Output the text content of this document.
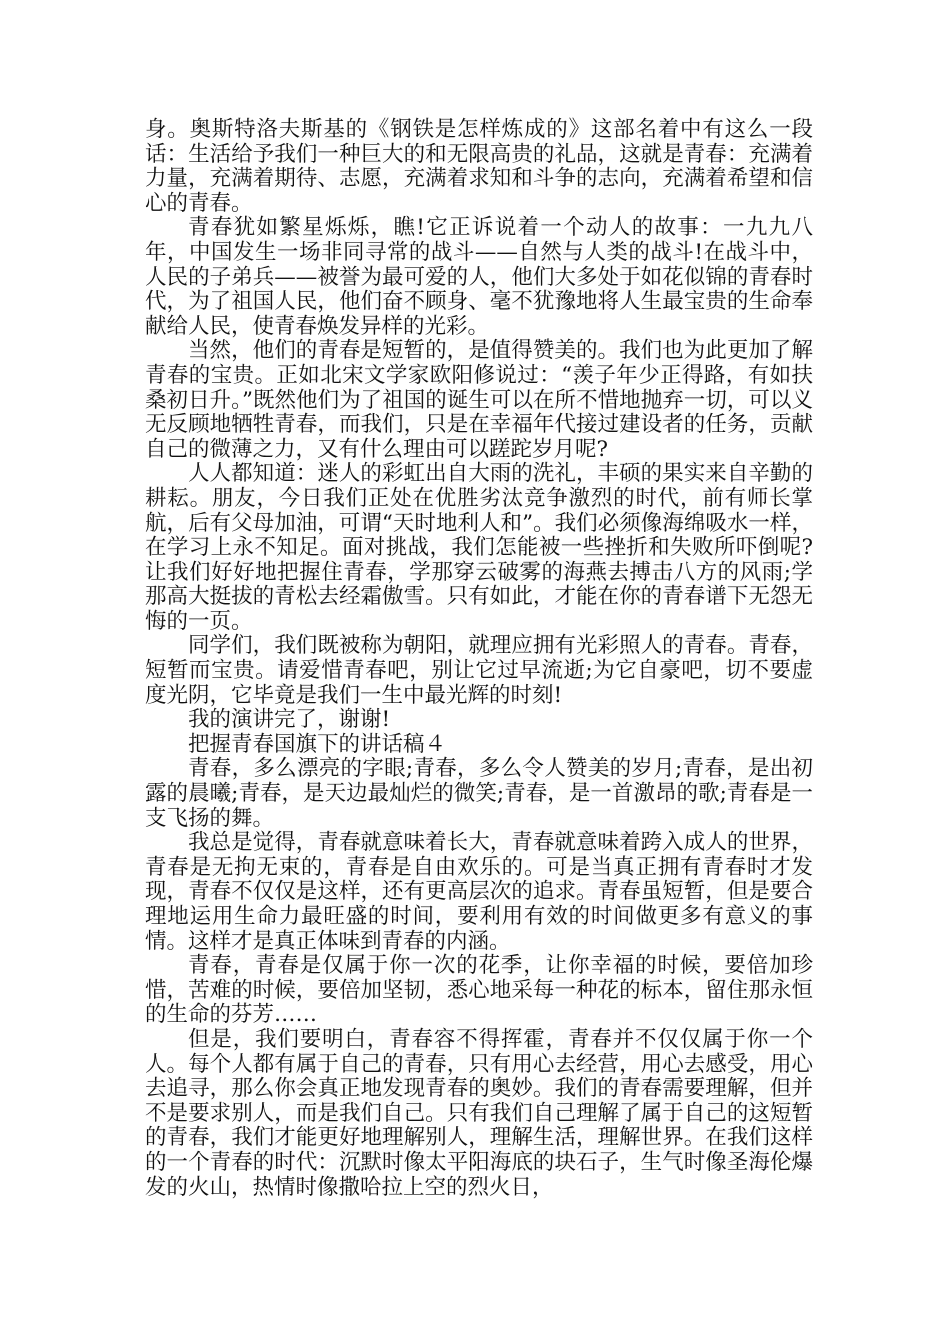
身。奥斯特洛夫斯基的《钢铁是怎样炼成的》这部名着中有这么一段话：生活给予我们一种巨大的和无限高贵的礼品，这就是青春：充满着力量，充满着期待、志愿，充满着求知和斗争的志向，充满着希望和信心的青春。

青春犹如繁星烁烁，瞧!它正诉说着一个动人的故事：一九九八年，中国发生一场非同寻常的战斗——自然与人类的战斗!在战斗中，人民的子弟兵——被誉为最可爱的人，他们大多处于如花似锦的青春时代，为了祖国人民，他们奋不顾身、毫不犹豫地将人生最宝贵的生命奉献给人民，使青春焕发异样的光彩。

当然，他们的青春是短暂的，是值得赞美的。我们也为此更加了解青春的宝贵。正如北宋文学家欧阳修说过：“羡子年少正得路，有如扶桑初日升。”既然他们为了祖国的诞生可以在所不惜地抛弃一切，可以义无反顾地牺牲青春，而我们，只是在幸福年代接过建设者的任务，贡献自己的微薄之力，又有什么理由可以蹉跎岁月呢?

人人都知道：迷人的彩虹出自大雨的洗礼，丰硕的果实来自辛勤的耕耘。朋友，今日我们正处在优胜劣汰竞争激烈的时代，前有师长掌航，后有父母加油，可谓“天时地利人和”。我们必须像海绵吸水一样，在学习上永不知足。面对挑战，我们怎能被一些挫折和失败所吓倒呢?让我们好好地把握住青春，学那穿云破雾的海燕去搏击八方的风雨;学那高大挺拔的青松去经霜傲雪。只有如此，才能在你的青春谱下无怨无悔的一页。

同学们，我们既被称为朝阳，就理应拥有光彩照人的青春。青春，短暂而宝贵。请爱惜青春吧，别让它过早流逝;为它自豪吧，切不要虚度光阴，它毕竟是我们一生中最光辉的时刻!

我的演讲完了，谢谢!

把握青春国旗下的讲话稿４

青春，多么漂亮的字眼;青春，多么令人赞美的岁月;青春，是出初露的晨曦;青春，是天边最灿烂的微笑;青春，是一首激昂的歌;青春是一支飞扬的舞。

我总是觉得，青春就意味着长大，青春就意味着跨入成人的世界，青春是无拘无束的，青春是自由欢乐的。可是当真正拥有青春时才发现，青春不仅仅是这样，还有更高层次的追求。青春虽短暂，但是要合理地运用生命力最旺盛的时间，要利用有效的时间做更多有意义的事情。这样才是真正体味到青春的内涵。

青春，青春是仅属于你一次的花季，让你幸福的时候，要倍加珍惜，苦难的时候，要倍加坚韧，悉心地采每一种花的标本，留住那永恒的生命的芬芳……

但是，我们要明白，青春容不得挥霍，青春并不仅仅属于你一个人。每个人都有属于自己的青春，只有用心去经营，用心去感受，用心去追寻，那么你会真正地发现青春的奥妙。我们的青春需要理解，但并不是要求别人，而是我们自己。只有我们自己理解了属于自己的这短暂的青春，我们才能更好地理解别人，理解生活，理解世界。在我们这样的一个青春的时代：沉默时像太平阳海底的块石子，生气时像圣海伦爆发的火山，热情时像撒哈拉上空的烈火日，
